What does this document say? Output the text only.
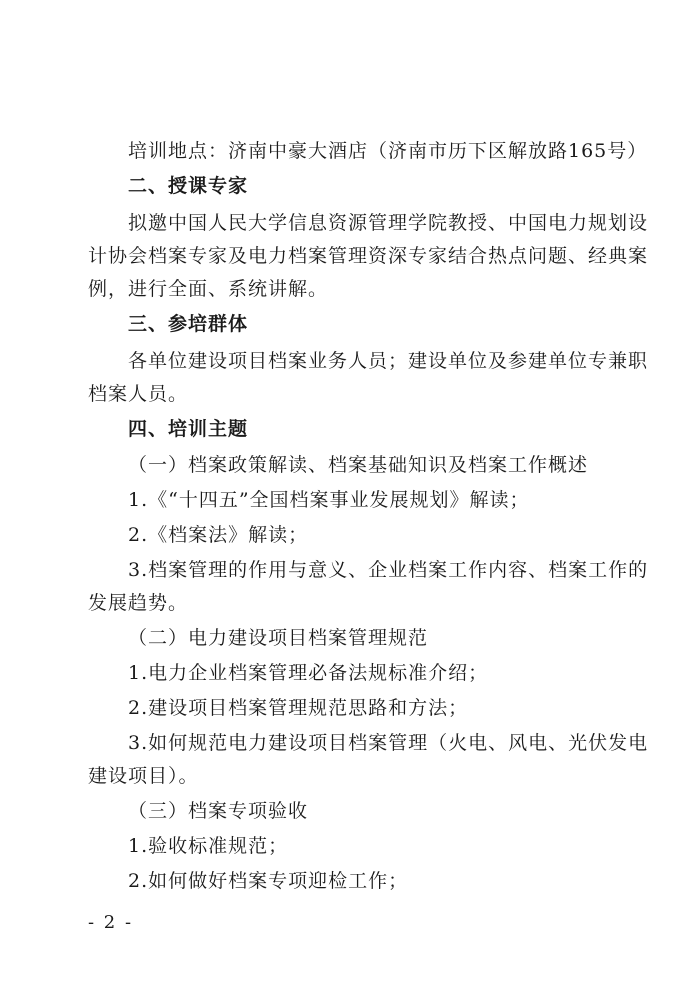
培训地点：济南中豪大酒店（济南市历下区解放路165号）
二、授课专家
拟邀中国人民大学信息资源管理学院教授、中国电力规划设
计协会档案专家及电力档案管理资深专家结合热点问题、经典案
例，进行全面、系统讲解。
三、参培群体
各单位建设项目档案业务人员；建设单位及参建单位专兼职
档案人员。
四、培训主题
（一）档案政策解读、档案基础知识及档案工作概述
1.《“十四五”全国档案事业发展规划》解读；
2.《档案法》解读；
3.档案管理的作用与意义、企业档案工作内容、档案工作的
发展趋势。
（二）电力建设项目档案管理规范
1.电力企业档案管理必备法规标准介绍；
2.建设项目档案管理规范思路和方法；
3.如何规范电力建设项目档案管理（火电、风电、光伏发电
建设项目）。
（三）档案专项验收
1.验收标准规范；
2.如何做好档案专项迎检工作；
- 2 -
